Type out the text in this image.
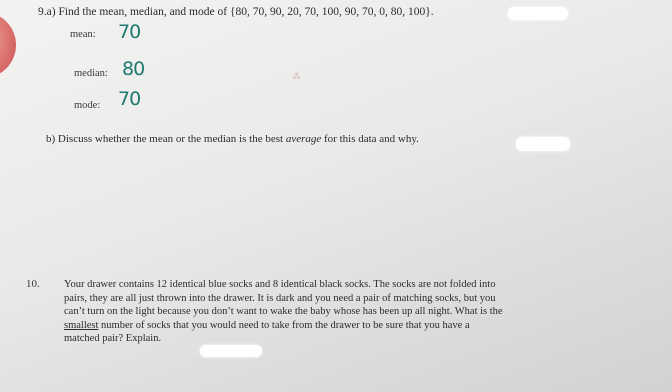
9.a) Find the mean, median, and mode of {80, 70, 90, 20, 70, 100, 90, 70, 0, 80, 100}.
mean: 70
median: 80	⁂
mode: 70
b) Discuss whether the mean or the median is the best average for this data and why.
10. Your drawer contains 12 identical blue socks and 8 identical black socks. The socks are not folded into
pairs, they are all just thrown into the drawer. It is dark and you need a pair of matching socks, but you
can’t turn on the light because you don’t want to wake the baby whose has been up all night. What is the
smallest number of socks that you would need to take from the drawer to be sure that you have a
matched pair? Explain.
